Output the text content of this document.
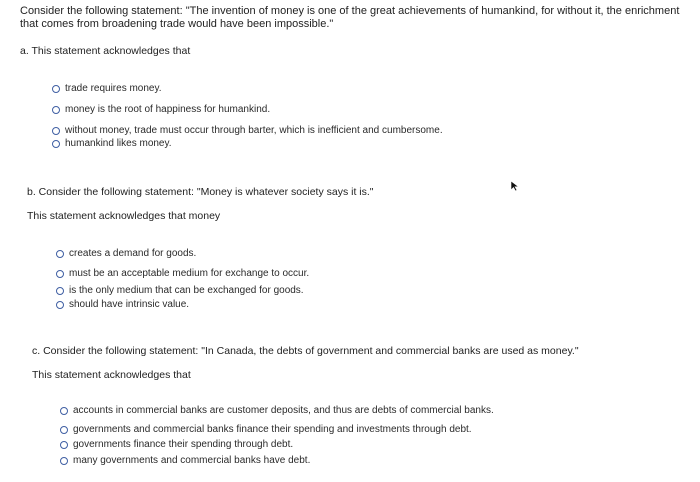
Consider the following statement: "The invention of money is one of the great achievements of humankind, for without it, the enrichment that comes from broadening trade would have been impossible."
a. This statement acknowledges that
trade requires money.
money is the root of happiness for humankind.
without money, trade must occur through barter, which is inefficient and cumbersome.
humankind likes money.
b. Consider the following statement: "Money is whatever society says it is."
This statement acknowledges that money
creates a demand for goods.
must be an acceptable medium for exchange to occur.
is the only medium that can be exchanged for goods.
should have intrinsic value.
c. Consider the following statement: "In Canada, the debts of government and commercial banks are used as money."
This statement acknowledges that
accounts in commercial banks are customer deposits, and thus are debts of commercial banks.
governments and commercial banks finance their spending and investments through debt.
governments finance their spending through debt.
many governments and commercial banks have debt.
